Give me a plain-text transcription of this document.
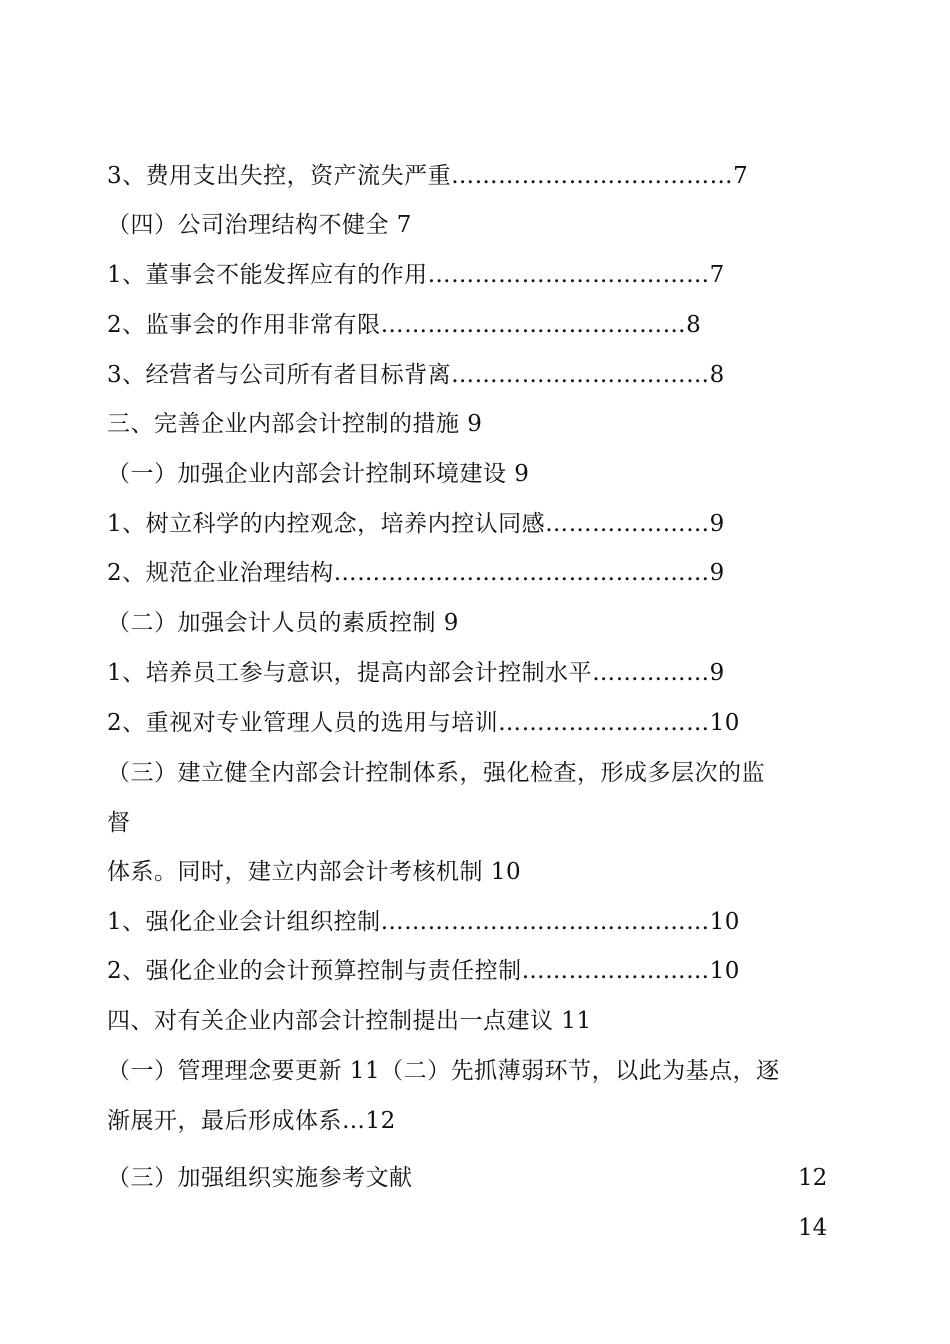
3、费用支出失控，资产流失严重………………………………7
（四）公司治理结构不健全 7
1、董事会不能发挥应有的作用………………………………7
2、监事会的作用非常有限…………………………………8
3、经营者与公司所有者目标背离……………………………8
三、完善企业内部会计控制的措施 9
（一）加强企业内部会计控制环境建设 9
1、树立科学的内控观念，培养内控认同感…………………9
2、规范企业治理结构…………………………………………9
（二）加强会计人员的素质控制 9
1、培养员工参与意识，提高内部会计控制水平……………9
2、重视对专业管理人员的选用与培训………………………10
（三）建立健全内部会计控制体系，强化检查，形成多层次的监
督
体系。同时，建立内部会计考核机制 10
1、强化企业会计组织控制……………………………………10
2、强化企业的会计预算控制与责任控制……………………10
四、对有关企业内部会计控制提出一点建议 11
（一）管理理念要更新 11（二）先抓薄弱环节，以此为基点，逐
渐展开，最后形成体系…12
（三）加强组织实施参考文献	12
14
